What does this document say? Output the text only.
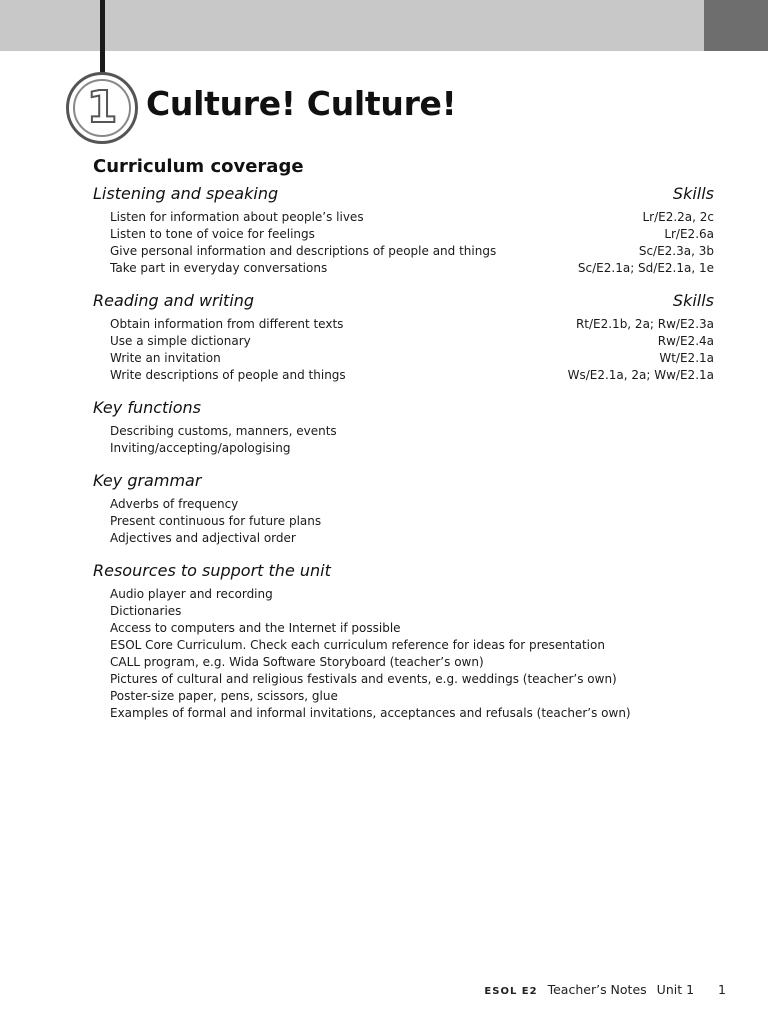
1 Culture! Culture!
Curriculum coverage
Listening and speaking	Skills
Listen for information about people’s lives	Lr/E2.2a, 2c
Listen to tone of voice for feelings	Lr/E2.6a
Give personal information and descriptions of people and things	Sc/E2.3a, 3b
Take part in everyday conversations	Sc/E2.1a; Sd/E2.1a, 1e
Reading and writing	Skills
Obtain information from different texts	Rt/E2.1b, 2a; Rw/E2.3a
Use a simple dictionary	Rw/E2.4a
Write an invitation	Wt/E2.1a
Write descriptions of people and things	Ws/E2.1a, 2a; Ww/E2.1a
Key functions
Describing customs, manners, events
Inviting/accepting/apologising
Key grammar
Adverbs of frequency
Present continuous for future plans
Adjectives and adjectival order
Resources to support the unit
Audio player and recording
Dictionaries
Access to computers and the Internet if possible
ESOL Core Curriculum. Check each curriculum reference for ideas for presentation
CALL program, e.g. Wida Software Storyboard (teacher’s own)
Pictures of cultural and religious festivals and events, e.g. weddings (teacher’s own)
Poster-size paper, pens, scissors, glue
Examples of formal and informal invitations, acceptances and refusals (teacher’s own)
ESOL E2 Teacher’s Notes Unit 1 1
